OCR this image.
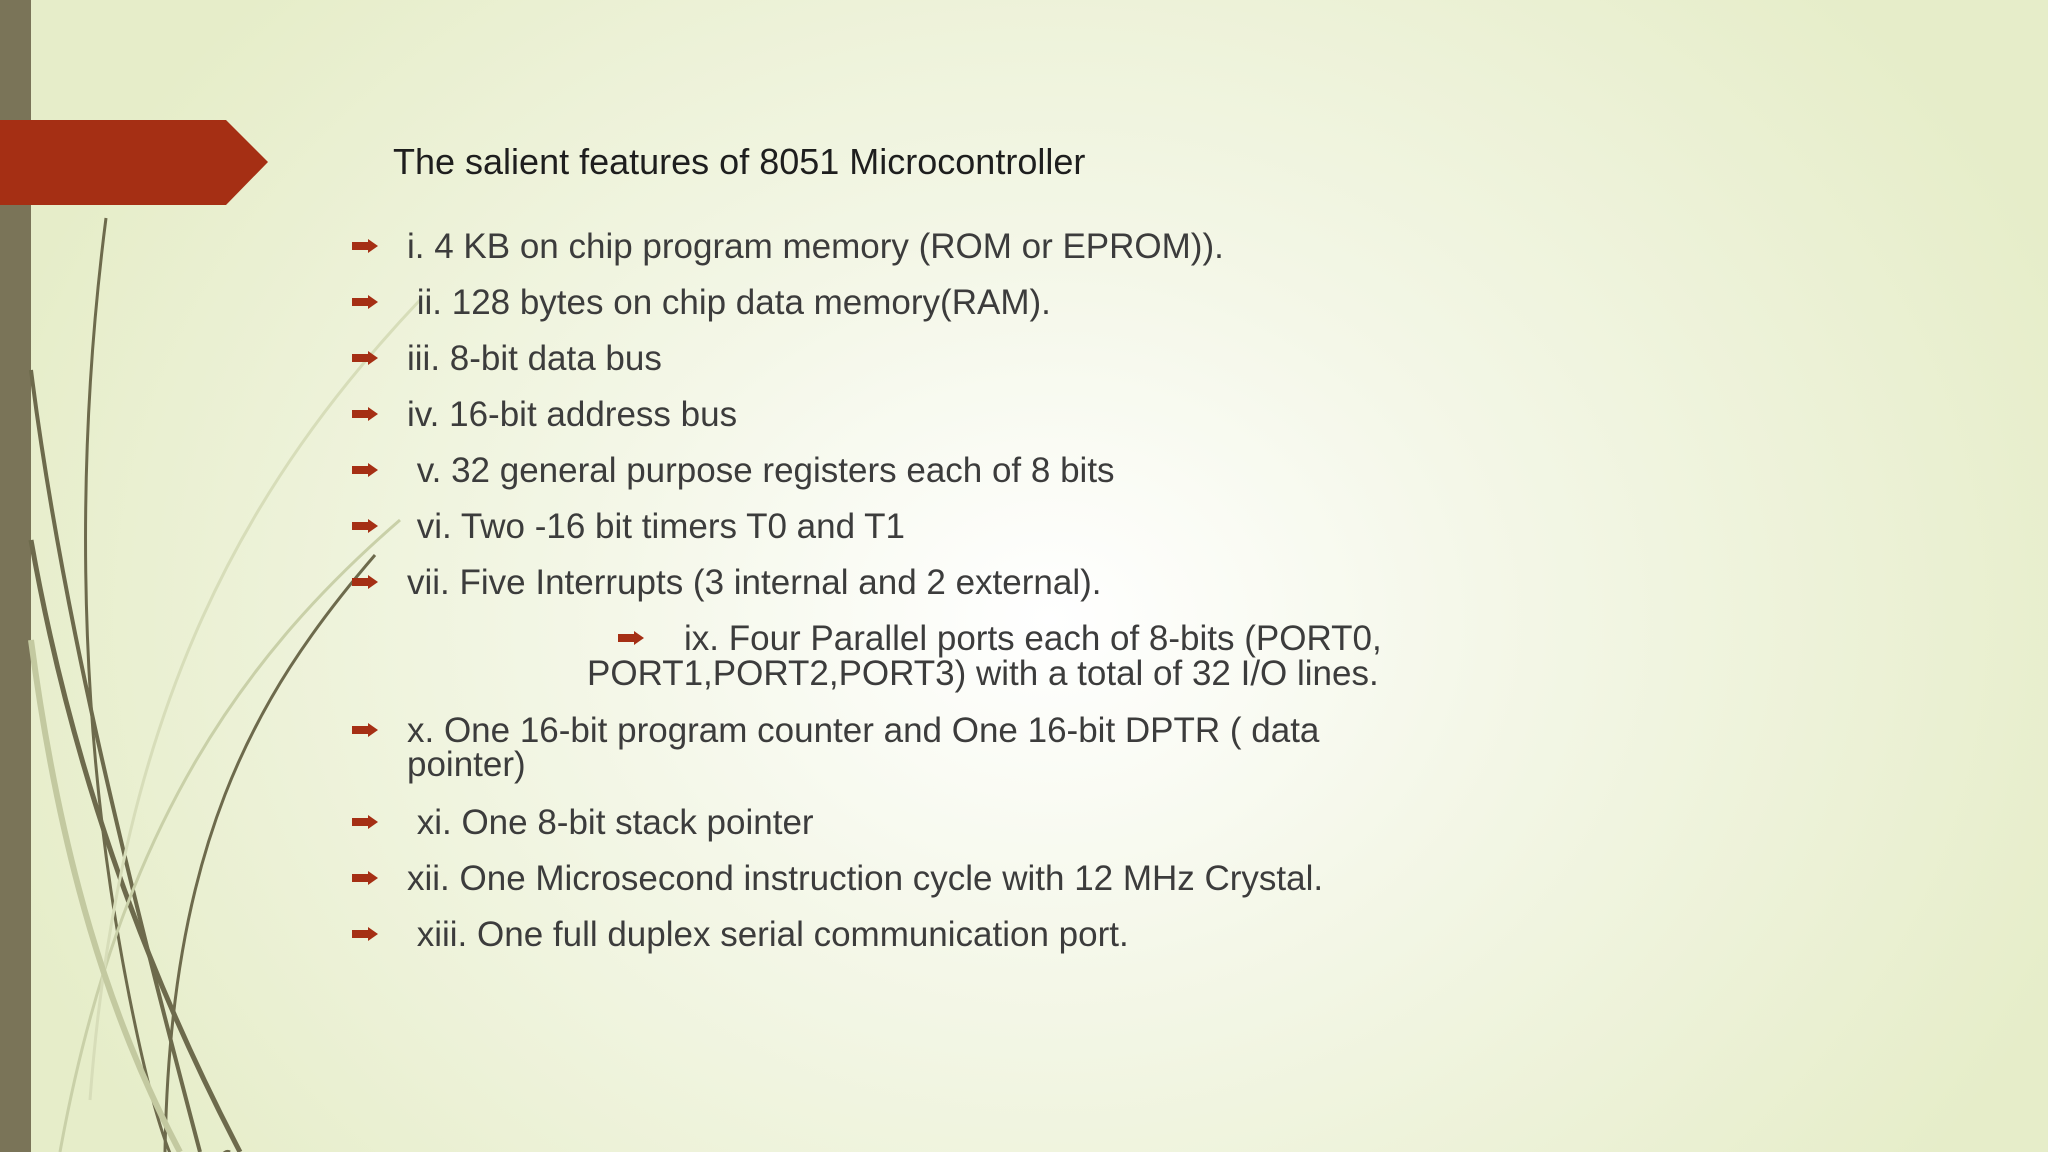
The salient features of 8051 Microcontroller
i. 4 KB on chip program memory (ROM or EPROM)).
ii. 128 bytes on chip data memory(RAM).
iii. 8-bit data bus
iv. 16-bit address bus
v. 32 general purpose registers each of 8 bits
vi. Two -16 bit timers T0 and T1
vii. Five Interrupts (3 internal and 2 external).
ix. Four Parallel ports each of 8-bits (PORT0,
PORT1,PORT2,PORT3) with a total of 32 I/O lines.
x. One 16-bit program counter and One 16-bit DPTR ( data
pointer)
xi. One 8-bit stack pointer
xii. One Microsecond instruction cycle with 12 MHz Crystal.
xiii. One full duplex serial communication port.
